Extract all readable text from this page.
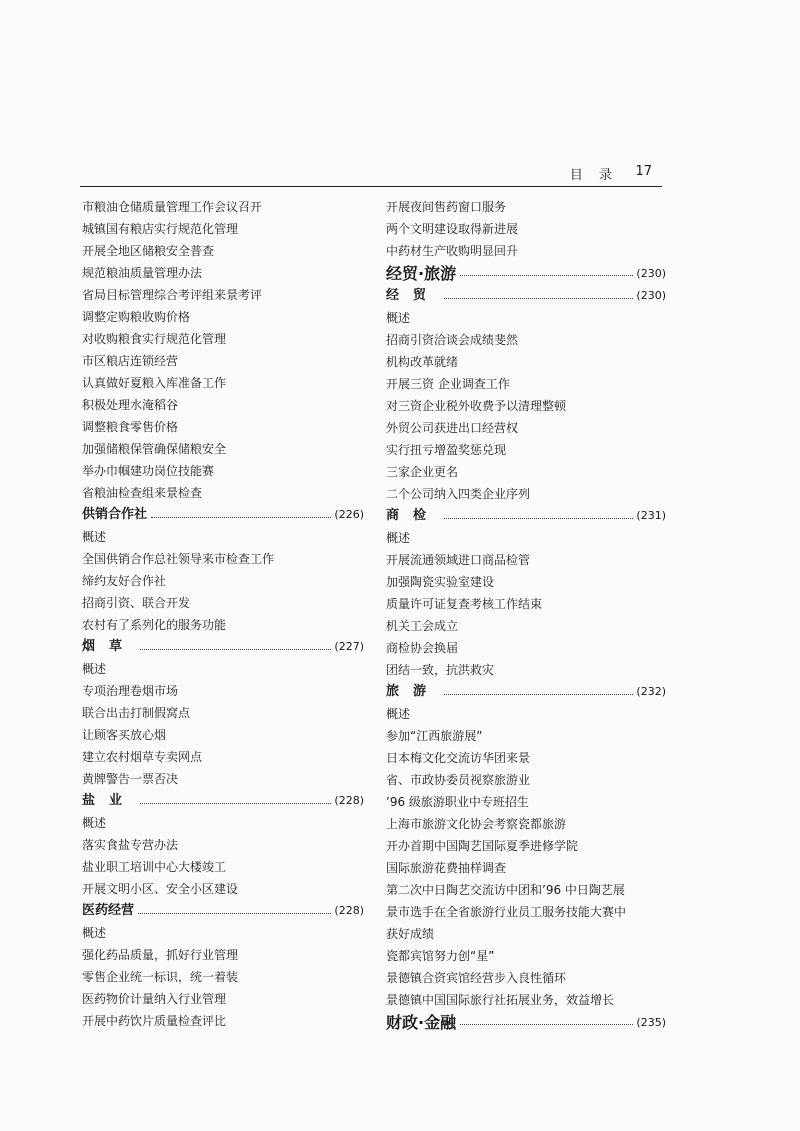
目 录 17
市粮油仓储质量管理工作会议召开
城镇国有粮店实行规范化管理
开展全地区储粮安全普查
规范粮油质量管理办法
省局目标管理综合考评组来景考评
调整定购粮收购价格
对收购粮食实行规范化管理
市区粮店连锁经营
认真做好夏粮入库准备工作
积极处理水淹稻谷
调整粮食零售价格
加强储粮保管确保储粮安全
举办巾帼建功岗位技能赛
省粮油检查组来景检查
供销合作社	(226)
概述
全国供销合作总社领导来市检查工作
缔约友好合作社
招商引资、联合开发
农村有了系列化的服务功能
烟草	(227)
概述
专项治理卷烟市场
联合出击打制假窝点
让顾客买放心烟
建立农村烟草专卖网点
黄牌警告一票否决
盐业	(228)
概述
落实食盐专营办法
盐业职工培训中心大楼竣工
开展文明小区、安全小区建设
医药经营	(228)
概述
强化药品质量，抓好行业管理
零售企业统一标识，统一着装
医药物价计量纳入行业管理
开展中药饮片质量检查评比
开展夜间售药窗口服务
两个文明建设取得新进展
中药材生产收购明显回升
经贸·旅游	(230)
经贸	(230)
概述
招商引资洽谈会成绩斐然
机构改革就绪
开展三资 企业调查工作
对三资企业税外收费予以清理整顿
外贸公司获进出口经营权
实行扭亏增盈奖惩兑现
三家企业更名
二个公司纳入四类企业序列
商检	(231)
概述
开展流通领域进口商品检管
加强陶瓷实验室建设
质量许可证复查考核工作结束
机关工会成立
商检协会换届
团结一致，抗洪救灾
旅游	(232)
概述
参加“江西旅游展”
日本梅文化交流访华团来景
省、市政协委员视察旅游业
’96 级旅游职业中专班招生
上海市旅游文化协会考察瓷都旅游
开办首期中国陶艺国际夏季进修学院
国际旅游花费抽样调查
第二次中日陶艺交流访中团和’96 中日陶艺展
景市选手在全省旅游行业员工服务技能大赛中
获好成绩
瓷都宾馆努力创“星”
景德镇合资宾馆经营步入良性循环
景德镇中国国际旅行社拓展业务，效益增长
财政·金融	(235)
